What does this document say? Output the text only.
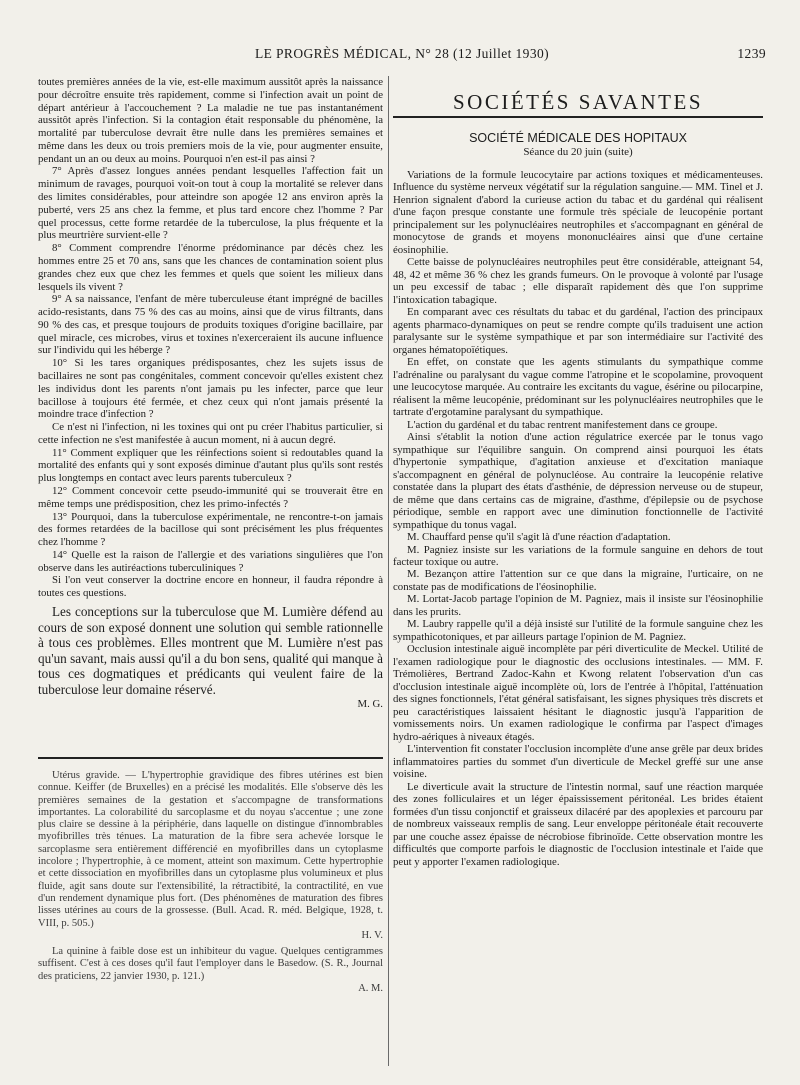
LE PROGRÈS MÉDICAL, N° 28 (12 Juillet 1930)	1239

toutes premières années de la vie, est-elle maximum aussitôt après la naissance pour décroître ensuite très rapidement, comme si l'infection avait un point de départ antérieur à l'accouchement ? La maladie ne tue pas instantanément aussitôt après l'infection. Si la contagion était responsable du phénomène, la mortalité par tuberculose devrait être nulle dans les premières semaines et même dans les deux ou trois premiers mois de la vie, pour augmenter ensuite, pendant un an ou deux au moins. Pourquoi n'en est-il pas ainsi ?

7° Après d'assez longues années pendant lesquelles l'affection fait un minimum de ravages, pourquoi voit-on tout à coup la mortalité se relever dans des limites considérables, pour atteindre son apogée 12 ans environ après la puberté, vers 25 ans chez la femme, et plus tard encore chez l'homme ? Par quel processus, cette forme retardée de la tuberculose, la plus fréquente et la plus meurtrière survient-elle ?

8° Comment comprendre l'énorme prédominance par décès chez les hommes entre 25 et 70 ans, sans que les chances de contamination soient plus grandes chez eux que chez les femmes et quels que soient les milieux dans lesquels ils vivent ?

9° A sa naissance, l'enfant de mère tuberculeuse étant imprégné de bacilles acido-resistants, dans 75 % des cas au moins, ainsi que de virus filtrants, dans 90 % des cas, et presque toujours de produits toxiques d'origine bacillaire, par quel miracle, ces microbes, virus et toxines n'exerceraient ils aucune influence sur l'individu qui les héberge ?

10° Si les tares organiques prédisposantes, chez les sujets issus de bacillaires ne sont pas congénitales, comment concevoir qu'elles existent chez les individus dont les parents n'ont jamais pu les infecter, parce que leur bacillose à toujours été fermée, et chez ceux qui n'ont jamais présenté la moindre trace d'infection ?

Ce n'est ni l'infection, ni les toxines qui ont pu créer l'habitus particulier, si cette infection ne s'est manifestée à aucun moment, ni à aucun degré.

11° Comment expliquer que les réinfections soient si redoutables quand la mortalité des enfants qui y sont exposés diminue d'autant plus qu'ils sont restés plus longtemps en contact avec leurs parents tuberculeux ?

12° Comment concevoir cette pseudo-immunité qui se trouverait être en même temps une prédisposition, chez les primo-infectés ?

13° Pourquoi, dans la tuberculose expérimentale, ne rencontre-t-on jamais des formes retardées de la bacillose qui sont précisément les plus fréquentes chez l'homme ?

14° Quelle est la raison de l'allergie et des variations singulières que l'on observe dans les autiréactions tuberculiniques ?

Si l'on veut conserver la doctrine encore en honneur, il faudra répondre à toutes ces questions.

Les conceptions sur la tuberculose que M. Lumière défend au cours de son exposé donnent une solution qui semble rationnelle à tous ces problèmes. Elles montrent que M. Lumière n'est pas qu'un savant, mais aussi qu'il a du bon sens, qualité qui manque à tous ces dogmatiques et prédicants qui veulent faire de la tuberculose leur domaine réservé.

M. G.

Utérus gravide. — L'hypertrophie gravidique des fibres utérines est bien connue. Keiffer (de Bruxelles) en a précisé les modalités. Elle s'observe dès les premières semaines de la gestation et s'accompagne de transformations importantes. La colorabilité du sarcoplasme et du noyau s'accentue ; une zone plus claire se dessine à la périphérie, dans laquelle on distingue d'innombrables myofibrilles très ténues. La maturation de la fibre sera achevée lorsque le sarcoplasme sera entièrement différencié en myofibrilles dans un cytoplasme incolore ; l'hypertrophie, à ce moment, atteint son maximum. Cette hypertrophie et cette dissociation en myofibrilles dans un cytoplasme plus volumineux et plus fluide, agit sans doute sur l'extensibilité, la rétractibité, la contractilité, en vue d'un rendement dynamique plus fort. (Des phénomènes de maturation des fibres lisses utérines au cours de la grossesse. (Bull. Acad. R. méd. Belgique, 1928, t. VIII, p. 505.)

H. V.

La quinine à faible dose est un inhibiteur du vague. Quelques centigrammes suffisent. C'est à ces doses qu'il faut l'employer dans le Basedow. (S. R., Journal des praticiens, 22 janvier 1930, p. 121.)

A. M.

SOCIÉTÉS SAVANTES

SOCIÉTÉ MÉDICALE DES HOPITAUX

Séance du 20 juin (suite)

Variations de la formule leucocytaire par actions toxiques et médicamenteuses. Influence du système nerveux végétatif sur la régulation sanguine.— MM. Tinel et J. Henrion signalent d'abord la curieuse action du tabac et du gardénal qui réalisent d'une façon presque constante une formule très spéciale de leucopénie portant principalement sur les polynucléaires neutrophiles et s'accompagnant en général de monocytose de grands et moyens mononucléaires ainsi que d'une certaine éosinophilie.

Cette baisse de polynucléaires neutrophiles peut être considérable, atteignant 54, 48, 42 et même 36 % chez les grands fumeurs. On le provoque à volonté par l'usage un peu excessif de tabac ; elle disparaît rapidement dès que l'on supprime l'intoxication tabagique.

En comparant avec ces résultats du tabac et du gardénal, l'action des principaux agents pharmaco-dynamiques on peut se rendre compte qu'ils traduisent une action paralysante sur le système sympathique et par son intermédiaire sur l'activité des organes hématopoïétiques.

En effet, on constate que les agents stimulants du sympathique comme l'adrénaline ou paralysant du vague comme l'atropine et le scopolamine, provoquent une leucocytose marquée. Au contraire les excitants du vague, ésérine ou pilocarpine, réalisent la même leucopénie, prédominant sur les polynucléaires neutrophiles que le tartrate d'ergotamine paralysant du sympathique.

L'action du gardénal et du tabac rentrent manifestement dans ce groupe.

Ainsi s'établit la notion d'une action régulatrice exercée par le tonus vago sympathique sur l'équilibre sanguin. On comprend ainsi pourquoi les états d'hypertonie sympathique, d'agitation anxieuse et d'excitation maniaque s'accompagnent en général de polynucléose. Au contraire la leucopénie relative constatée dans la plupart des états d'asthénie, de dépression nerveuse ou de stupeur, de même que dans certains cas de migraine, d'asthme, d'épilepsie ou de psychose périodique, semble en rapport avec une diminution fonctionnelle de l'activité sympathique du tonus vagal.

M. Chauffard pense qu'il s'agit là d'une réaction d'adaptation.

M. Pagniez insiste sur les variations de la formule sanguine en dehors de tout facteur toxique ou autre.

M. Bezançon attire l'attention sur ce que dans la migraine, l'urticaire, on ne constate pas de modifications de l'éosinophilie.

M. Lortat-Jacob partage l'opinion de M. Pagniez, mais il insiste sur l'éosinophilie dans les prurits.

M. Laubry rappelle qu'il a déjà insisté sur l'utilité de la formule sanguine chez les sympathicotoniques, et par ailleurs partage l'opinion de M. Pagniez.

Occlusion intestinale aiguë incomplète par péri diverticulite de Meckel. Utilité de l'examen radiologique pour le diagnostic des occlusions intestinales. — MM. F. Trémolières, Bertrand Zadoc-Kahn et Kwong relatent l'observation d'un cas d'occlusion intestinale aiguë incomplète où, lors de l'entrée à l'hôpital, l'atténuation des signes fonctionnels, l'état général satisfaisant, les signes physiques très discrets et peu caractéristiques laissaient hésitant le diagnostic jusqu'à l'apparition de vomissements noirs. Un examen radiologique le confirma par l'aspect d'images hydro-aériques à niveaux étagés.

L'intervention fit constater l'occlusion incomplète d'une anse grêle par deux brides inflammatoires parties du sommet d'un diverticule de Meckel greffé sur une anse voisine.

Le diverticule avait la structure de l'intestin normal, sauf une réaction marquée des zones folliculaires et un léger épaississement péritonéal. Les brides étaient formées d'un tissu conjonctif et graisseux dilacéré par des apoplexies et parcouru par de nombreux vaisseaux remplis de sang. Leur enveloppe péritonéale était recouverte par une couche assez épaisse de nécrobiose fibrinoïde. Cette observation montre les difficultés que comporte parfois le diagnostic de l'occlusion intestinale et l'aide que peut y apporter l'examen radiologique.
